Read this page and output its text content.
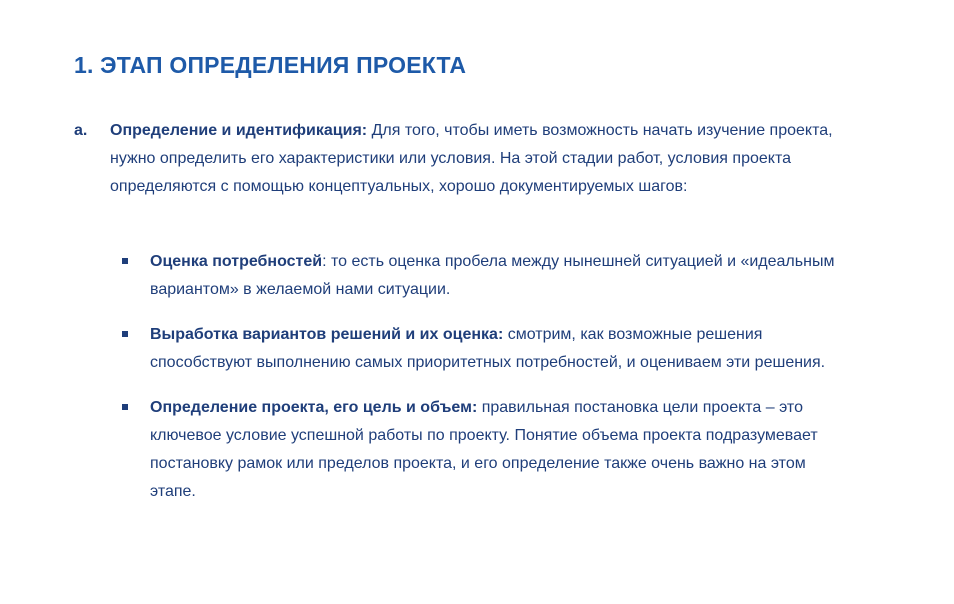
1. ЭТАП ОПРЕДЕЛЕНИЯ ПРОЕКТА
a. Определение и идентификация: Для того, чтобы иметь возможность начать изучение проекта, нужно определить его характеристики или условия. На этой стадии работ, условия проекта определяются с помощью концептуальных, хорошо документируемых шагов:
Оценка потребностей: то есть оценка пробела между нынешней ситуацией и «идеальным вариантом» в желаемой нами ситуации.
Выработка вариантов решений и их оценка: смотрим, как возможные решения способствуют выполнению самых приоритетных потребностей, и оцениваем эти решения.
Определение проекта, его цель и объем: правильная постановка цели проекта – это ключевое условие успешной работы по проекту. Понятие объема проекта подразумевает постановку рамок или пределов проекта, и его определение также очень важно на этом этапе.
